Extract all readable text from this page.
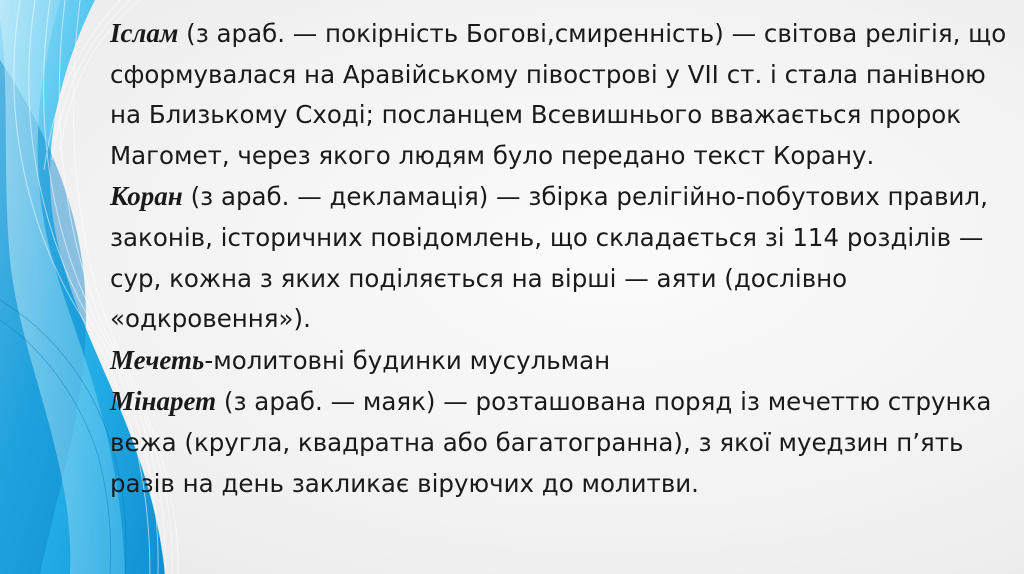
Іслам (з араб. — покірність Богові,смиренність) — світова релігія, що сформувалася на Аравійському півострові у VII ст. і стала панівною на Близькому Сході; посланцем Всевишнього вважається пророк Магомет, через якого людям було передано текст Корану.

Коран (з араб. — декламація) — збірка релігійно-побутових правил, законів, історичних повідомлень, що складається зі 114 розділів — сур, кожна з яких поділяється на вірші — аяти (дослівно «одкровення»).

Мечеть-молитовні будинки мусульман

Мінарет (з араб. — маяк) — розташована поряд із мечеттю струнка вежа (кругла, квадратна або багатогранна), з якої муедзин п’ять разів на день закликає віруючих до молитви.
